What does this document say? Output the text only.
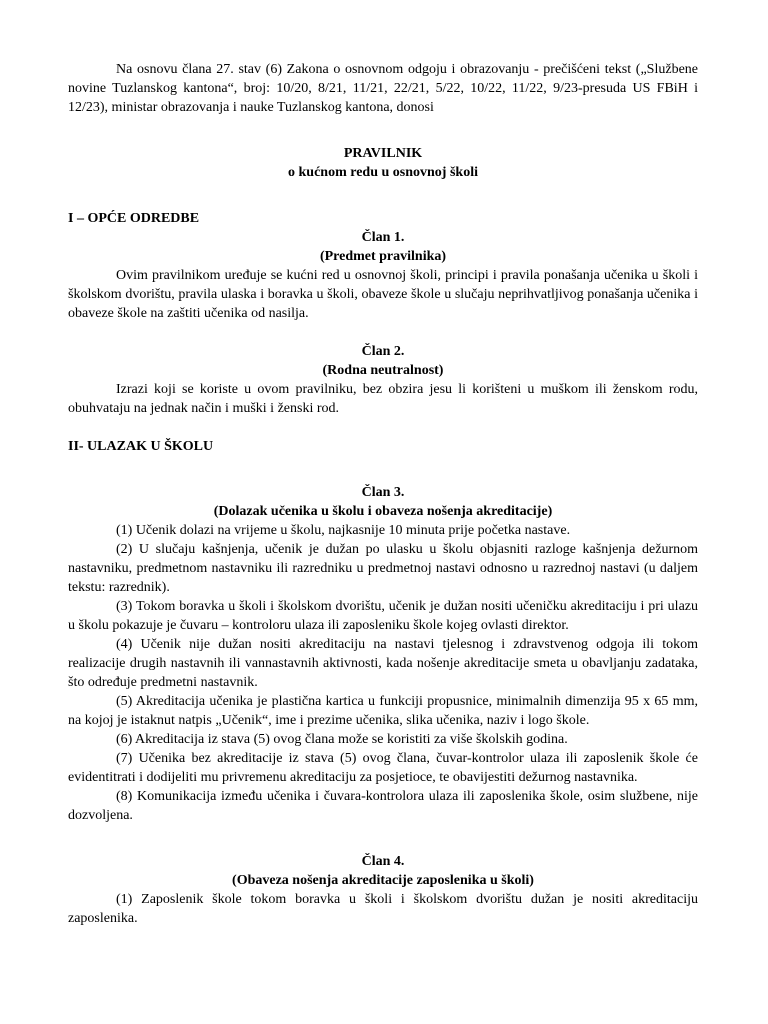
Na osnovu člana 27. stav (6) Zakona o osnovnom odgoju i obrazovanju - prečišćeni tekst („Službene novine Tuzlanskog kantona“, broj: 10/20, 8/21, 11/21, 22/21, 5/22, 10/22, 11/22, 9/23-presuda US FBiH i 12/23), ministar obrazovanja i nauke Tuzlanskog kantona, donosi

PRAVILNIK

o kućnom redu u osnovnoj školi

I – OPĆE ODREDBE

Član 1.

(Predmet pravilnika)

Ovim pravilnikom uređuje se kućni red u osnovnoj školi, principi i pravila ponašanja učenika u školi i školskom dvorištu, pravila ulaska i boravka u školi, obaveze škole u slučaju neprihvatljivog ponašanja učenika i obaveze škole na zaštiti učenika od nasilja.

Član 2.

(Rodna neutralnost)

Izrazi koji se koriste u ovom pravilniku, bez obzira jesu li korišteni u muškom ili ženskom rodu, obuhvataju na jednak način i muški i ženski rod.

II- ULAZAK U ŠKOLU

Član 3.

(Dolazak učenika u školu i obaveza nošenja akreditacije)

(1) Učenik dolazi na vrijeme u školu, najkasnije 10 minuta prije početka nastave.

(2) U slučaju kašnjenja, učenik je dužan po ulasku u školu objasniti razloge kašnjenja dežurnom nastavniku, predmetnom nastavniku ili razredniku u predmetnoj nastavi odnosno u razrednoj nastavi (u daljem tekstu: razrednik).

(3) Tokom boravka u školi i školskom dvorištu, učenik je dužan nositi učeničku akreditaciju i pri ulazu u školu pokazuje je čuvaru – kontroloru ulaza ili zaposleniku škole kojeg ovlasti direktor.

(4) Učenik nije dužan nositi akreditaciju na nastavi tjelesnog i zdravstvenog odgoja ili tokom realizacije drugih nastavnih ili vannastavnih aktivnosti, kada nošenje akreditacije smeta u obavljanju zadataka, što određuje predmetni nastavnik.

(5) Akreditacija učenika je plastična kartica u funkciji propusnice, minimalnih dimenzija 95 x 65 mm, na kojoj je istaknut natpis „Učenik“, ime i prezime učenika, slika učenika, naziv i logo škole.

(6) Akreditacija iz stava (5) ovog člana može se koristiti za više školskih godina.

(7) Učenika bez akreditacije iz stava (5) ovog člana, čuvar-kontrolor ulaza ili zaposlenik škole će evidentitrati i dodijeliti mu privremenu akreditaciju za posjetioce, te obavijestiti dežurnog nastavnika.

(8) Komunikacija između učenika i čuvara-kontrolora ulaza ili zaposlenika škole, osim službene, nije dozvoljena.

Član 4.

(Obaveza nošenja akreditacije zaposlenika u školi)

(1) Zaposlenik škole tokom boravka u školi i školskom dvorištu dužan je nositi akreditaciju zaposlenika.
